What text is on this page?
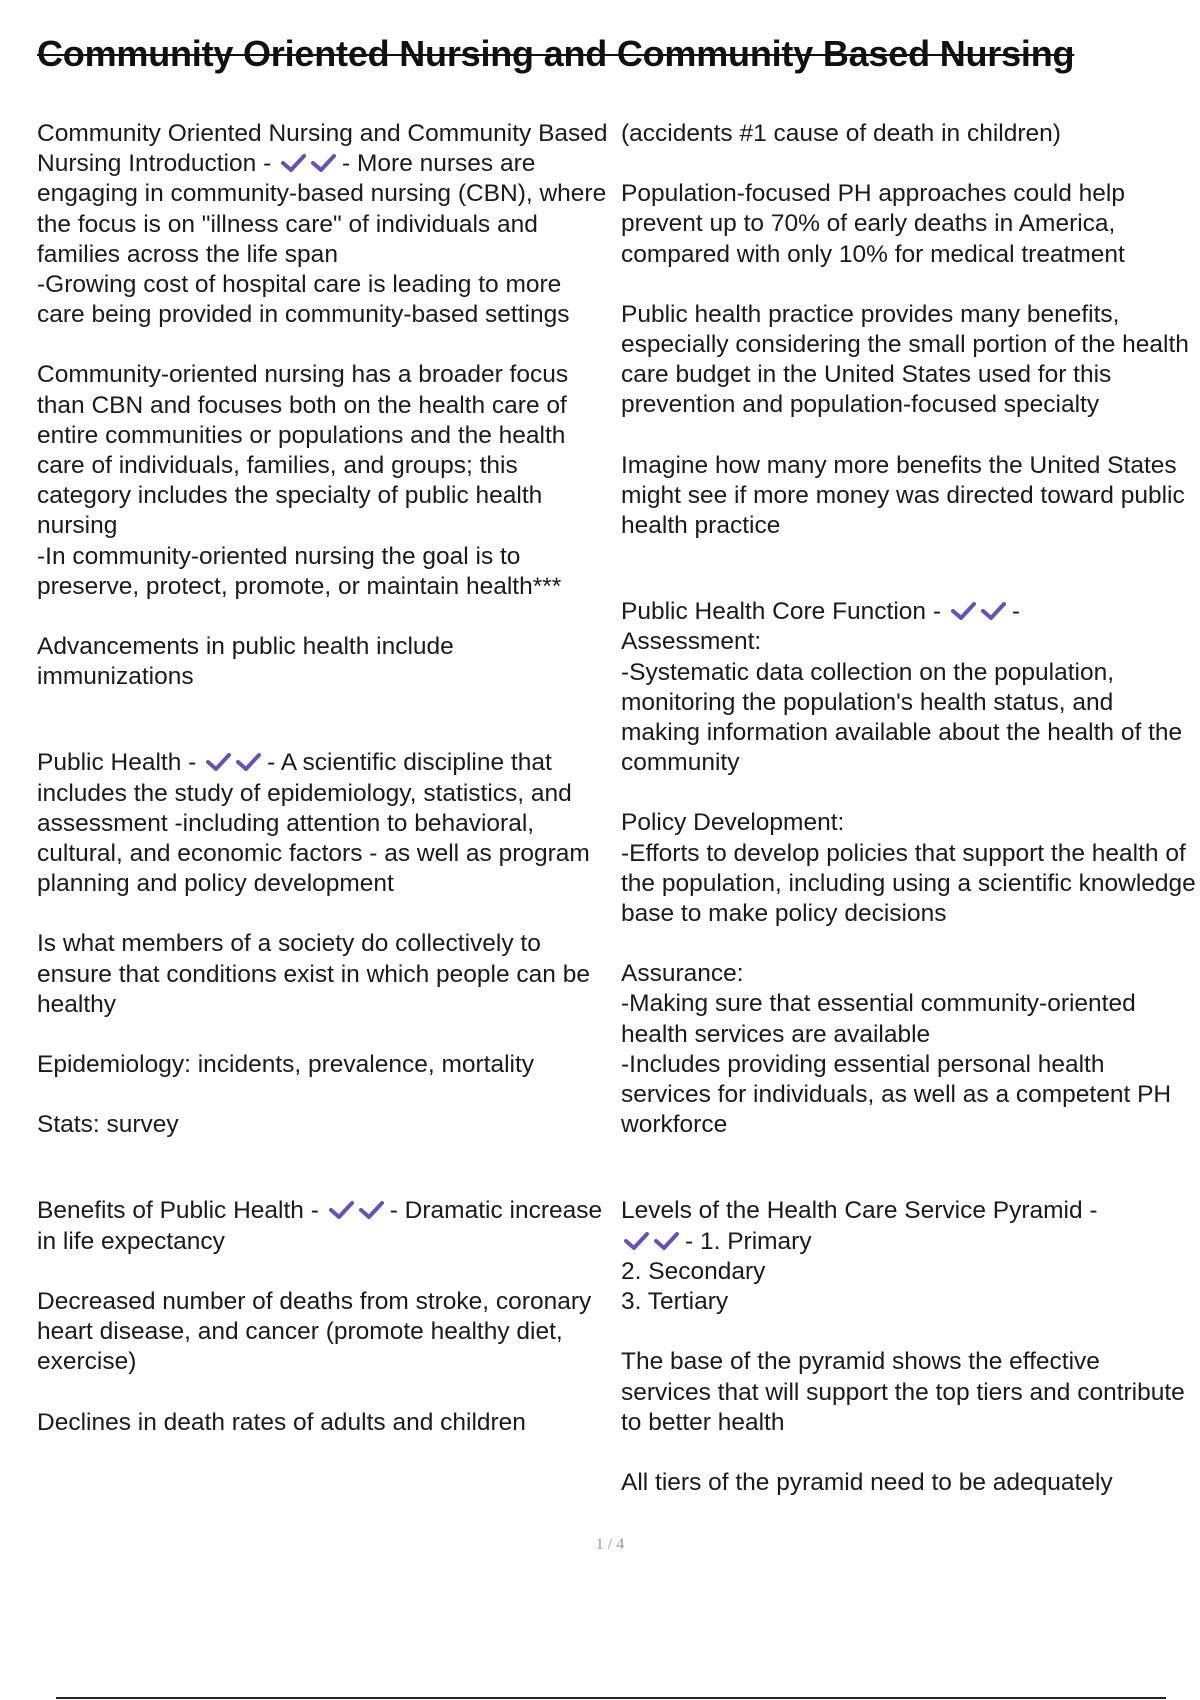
Community Oriented Nursing and Community Based Nursing

Community Oriented Nursing and Community Based Nursing Introduction -	- More nurses are engaging in community-based nursing (CBN), where the focus is on "illness care" of individuals and families across the life span
-Growing cost of hospital care is leading to more care being provided in community-based settings

Community-oriented nursing has a broader focus than CBN and focuses both on the health care of entire communities or populations and the health care of individuals, families, and groups; this category includes the specialty of public health nursing
-In community-oriented nursing the goal is to preserve, protect, promote, or maintain health***

Advancements in public health include immunizations

Public Health -	- A scientific discipline that includes the study of epidemiology, statistics, and assessment -including attention to behavioral, cultural, and economic factors - as well as program planning and policy development

Is what members of a society do collectively to ensure that conditions exist in which people can be healthy

Epidemiology: incidents, prevalence, mortality

Stats: survey

Benefits of Public Health -	- Dramatic increase in life expectancy

Decreased number of deaths from stroke, coronary heart disease, and cancer (promote healthy diet, exercise)

Declines in death rates of adults and children

(accidents #1 cause of death in children)

Population-focused PH approaches could help prevent up to 70% of early deaths in America, compared with only 10% for medical treatment

Public health practice provides many benefits, especially considering the small portion of the health care budget in the United States used for this prevention and population-focused specialty

Imagine how many more benefits the United States might see if more money was directed toward public health practice

Public Health Core Function -	-
Assessment:
-Systematic data collection on the population, monitoring the population's health status, and making information available about the health of the community

Policy Development:
-Efforts to develop policies that support the health of the population, including using a scientific knowledge base to make policy decisions

Assurance:
-Making sure that essential community-oriented health services are available
-Includes providing essential personal health services for individuals, as well as a competent PH workforce

Levels of the Health Care Service Pyramid -

- 1. Primary
2. Secondary
3. Tertiary

The base of the pyramid shows the effective services that will support the top tiers and contribute to better health

All tiers of the pyramid need to be adequately

1 / 4
